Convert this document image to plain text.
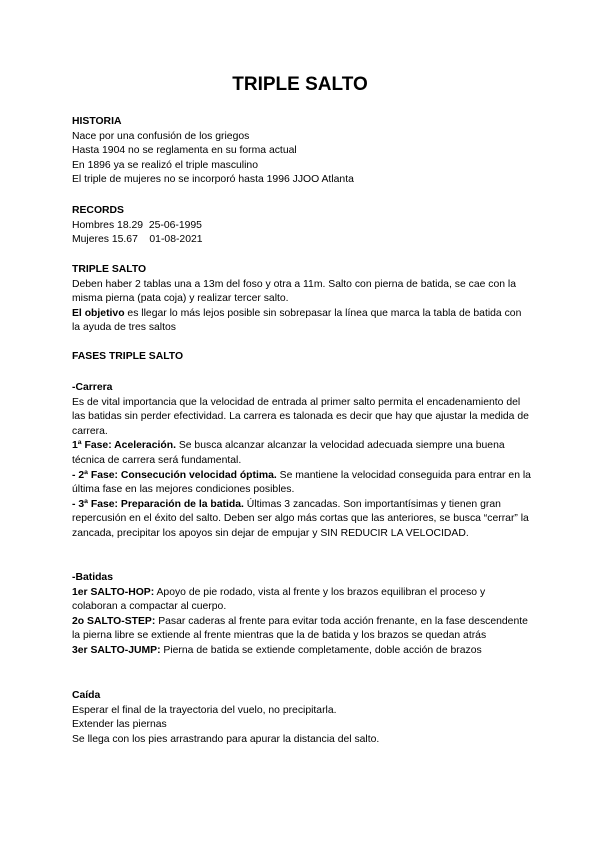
TRIPLE SALTO

HISTORIA

Nace por una confusión de los griegos

Hasta 1904 no se reglamenta en su forma actual

En 1896 ya se realizó el triple masculino

El triple de mujeres no se incorporó hasta 1996 JJOO Atlanta

RECORDS

Hombres 18.29  25-06-1995

Mujeres 15.67    01-08-2021

TRIPLE SALTO

Deben haber 2 tablas una a 13m del foso y otra a 11m. Salto con pierna de batida, se cae con la misma pierna (pata coja) y realizar tercer salto.

El objetivo es llegar lo más lejos posible sin sobrepasar la línea que marca la tabla de batida con la ayuda de tres saltos

FASES TRIPLE SALTO

-Carrera

Es de vital importancia que la velocidad de entrada al primer salto permita el encadenamiento del las batidas sin perder efectividad. La carrera es talonada es decir que hay que ajustar la medida de carrera.

1ª Fase: Aceleración. Se busca alcanzar alcanzar la velocidad adecuada siempre una buena técnica de carrera será fundamental.

- 2ª Fase: Consecución velocidad óptima. Se mantiene la velocidad conseguida para entrar en la última fase en las mejores condiciones posibles.

- 3ª Fase: Preparación de la batida. Últimas 3 zancadas. Son importantísimas y tienen gran repercusión en el éxito del salto. Deben ser algo más cortas que las anteriores, se busca “cerrar” la zancada, precipitar los apoyos sin dejar de empujar y SIN REDUCIR LA VELOCIDAD.

-Batidas

1er SALTO-HOP: Apoyo de pie rodado, vista al frente y los brazos equilibran el proceso y colaboran a compactar al cuerpo.

2o SALTO-STEP: Pasar caderas al frente para evitar toda acción frenante, en la fase descendente la pierna libre se extiende al frente mientras que la de batida y los brazos se quedan atrás

3er SALTO-JUMP: Pierna de batida se extiende completamente, doble acción de brazos

Caída

Esperar el final de la trayectoria del vuelo, no precipitarla.

Extender las piernas

Se llega con los pies arrastrando para apurar la distancia del salto.
